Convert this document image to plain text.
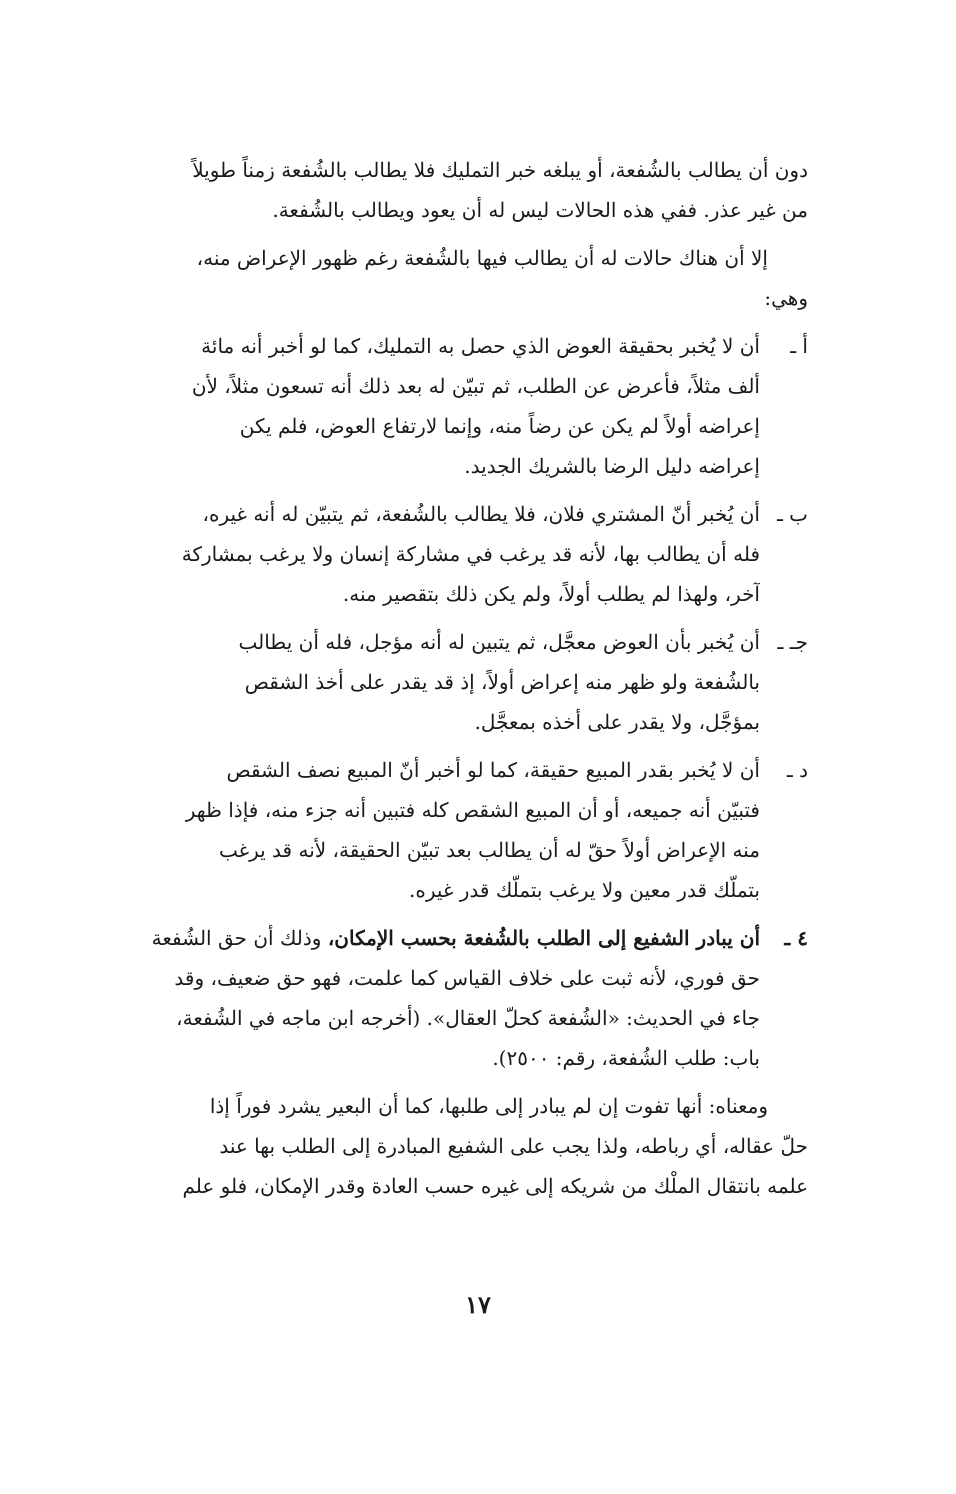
دون أن يطالب بالشُفعة، أو يبلغه خبر التمليك فلا يطالب بالشُفعة زمناً طويلاً
من غير عذر. ففي هذه الحالات ليس له أن يعود ويطالب بالشُفعة.
إلا أن هناك حالات له أن يطالب فيها بالشُفعة رغم ظهور الإعراض منه،
وهي:
أ ـ
أن لا يُخبر بحقيقة العوض الذي حصل به التمليك، كما لو أخبر أنه مائة
ألف مثلاً، فأعرض عن الطلب، ثم تبيّن له بعد ذلك أنه تسعون مثلاً، لأن
إعراضه أولاً لم يكن عن رضاً منه، وإنما لارتفاع العوض، فلم يكن
إعراضه دليل الرضا بالشريك الجديد.
ب ـ
أن يُخبر أنّ المشتري فلان، فلا يطالب بالشُفعة، ثم يتبيّن له أنه غيره،
فله أن يطالب بها، لأنه قد يرغب في مشاركة إنسان ولا يرغب بمشاركة
آخر، ولهذا لم يطلب أولاً، ولم يكن ذلك بتقصير منه.
جـ ـ
أن يُخبر بأن العوض معجَّل، ثم يتبين له أنه مؤجل، فله أن يطالب
بالشُفعة ولو ظهر منه إعراض أولاً، إذ قد يقدر على أخذ الشقص
بمؤجَّل، ولا يقدر على أخذه بمعجَّل.
د ـ
أن لا يُخبر بقدر المبيع حقيقة، كما لو أخبر أنّ المبيع نصف الشقص
فتبيّن أنه جميعه، أو أن المبيع الشقص كله فتبين أنه جزء منه، فإذا ظهر
منه الإعراض أولاً حقّ له أن يطالب بعد تبيّن الحقيقة، لأنه قد يرغب
بتملّك قدر معين ولا يرغب بتملّك قدر غيره.
٤ ـ
أن يبادر الشفيع إلى الطلب بالشُفعة بحسب الإمكان، وذلك أن حق الشُفعة
حق فوري، لأنه ثبت على خلاف القياس كما علمت، فهو حق ضعيف، وقد
جاء في الحديث: «الشُفعة كحلّ العقال». (أخرجه ابن ماجه في الشُفعة،
باب: طلب الشُفعة، رقم: ٢٥٠٠).
ومعناه: أنها تفوت إن لم يبادر إلى طلبها، كما أن البعير يشرد فوراً إذا
حلّ عقاله، أي رباطه، ولذا يجب على الشفيع المبادرة إلى الطلب بها عند
علمه بانتقال الملْك من شريكه إلى غيره حسب العادة وقدر الإمكان، فلو علم
١٧
